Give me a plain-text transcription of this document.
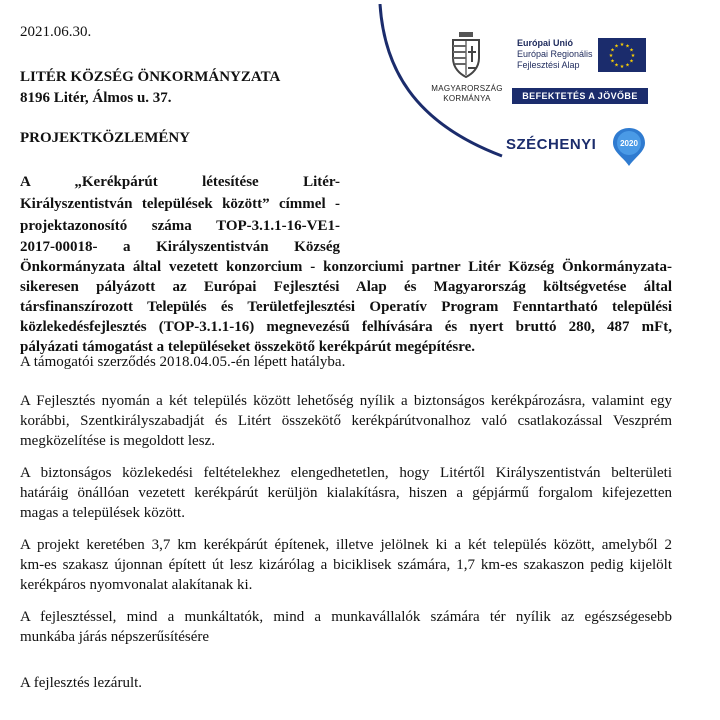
2021.06.30.
LITÉR KÖZSÉG ÖNKORMÁNYZATA
8196 Litér, Álmos u. 37.
PROJEKTKÖZLEMÉNY
A „Kerékpárút létesítése Litér-
Királyszentistván települések között” címmel -
projektazonosító száma TOP-3.1.1-16-VE1-
2017-00018- a Királyszentistván Község
Önkormányzata által vezetett konzorcium - konzorciumi partner Litér Község Önkormányzata-
sikeresen pályázott az Európai Fejlesztési Alap és Magyarország költségvetése által
társfinanszírozott Település és Területfejlesztési Operatív Program Fenntartható települési
közlekedésfejlesztés (TOP-3.1.1-16) megnevezésű felhívására és nyert bruttó 280, 487 mFt,
pályázati támogatást a településeket összekötő kerékpárút megépítésre.
A támogatói szerződés 2018.04.05.-én lépett hatályba.
A Fejlesztés nyomán a két település között lehetőség nyílik a biztonságos kerékpározásra, valamint egy
korábbi, Szentkirályszabadját és Litért összekötő kerékpárútvonalhoz való csatlakozással Veszprém
megközelítése is megoldott lesz.
A biztonságos közlekedési feltételekhez elengedhetetlen, hogy Litértől Királyszentistván belterületi
határáig önállóan vezetett kerékpárút kerüljön kialakításra, hiszen a gépjármű forgalom kifejezetten
magas a települések között.
A projekt keretében 3,7 km kerékpárút építenek, illetve jelölnek ki a két település között, amelyből 2
km-es szakasz újonnan épített út lesz kizárólag a biciklisek számára, 1,7 km-es szakaszon pedig kijelölt
kerékpáros nyomvonalat alakítanak ki.
A fejlesztéssel, mind a munkáltatók, mind a munkavállalók számára tér nyílik az egészségesebb
munkába járás népszerűsítésére
A fejlesztés lezárult.
MAGYARORSZÁG
KORMÁNYA
Európai Unió
Európai Regionális
Fejlesztési Alap
★ ★
★
★
★
★
★
★
★
★
★
★
BEFEKTETÉS A JÖVŐBE
SZÉCHENYI	2020
